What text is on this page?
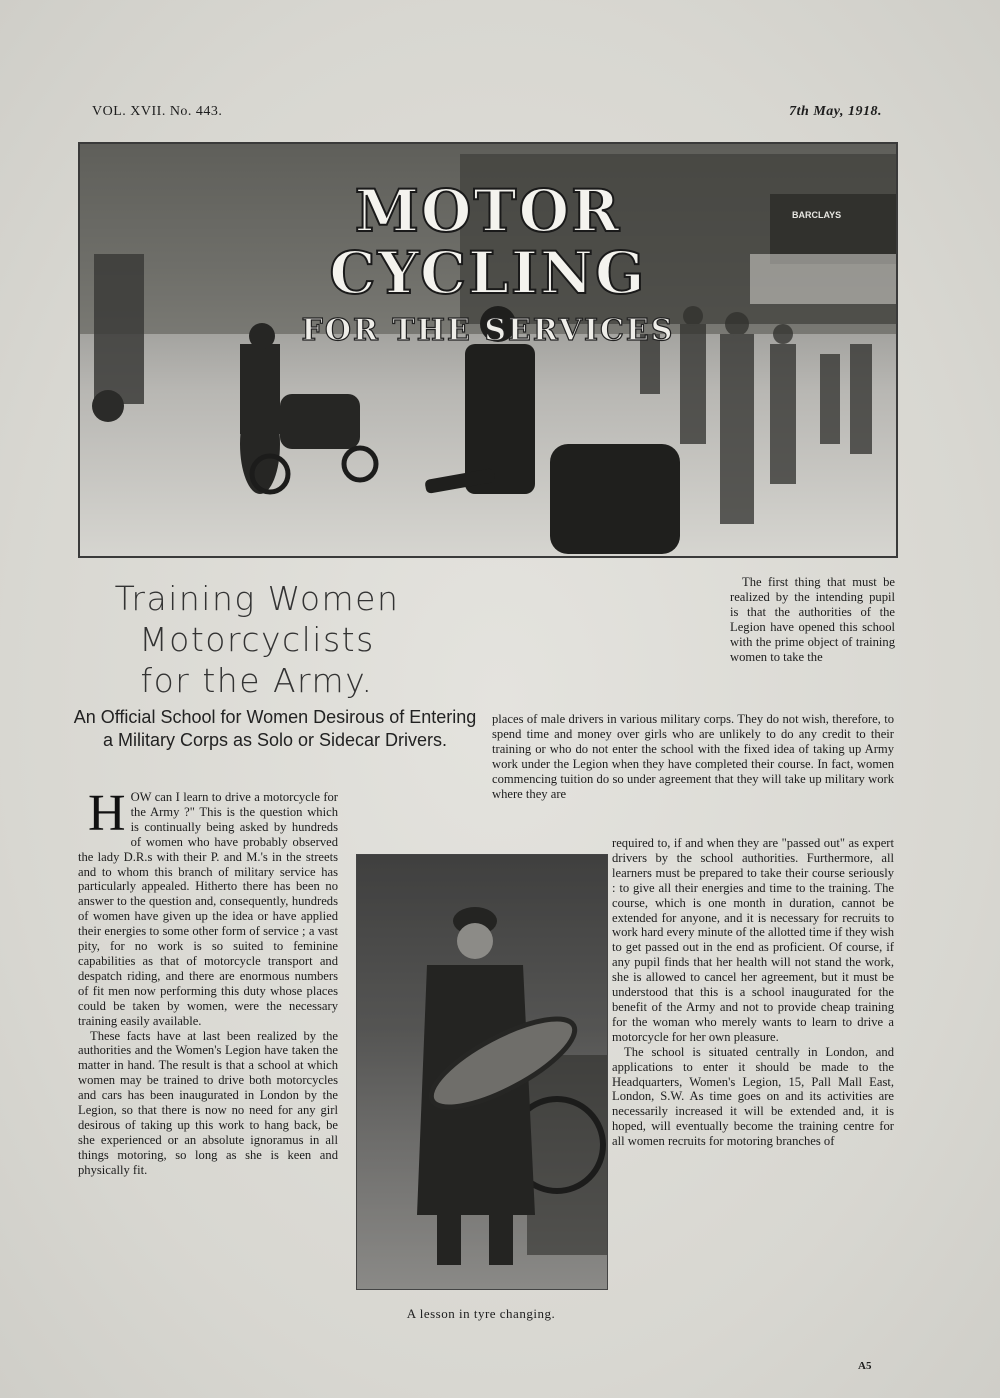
VOL. XVII. No. 443.	7th May, 1918.
BARCLAYS
MOTOR CYCLING
FOR THE SERVICES
Training Women
Motorcyclists
for the Army.
An Official School for Women Desirous of Entering a Military Corps as Solo or Sidecar Drivers.

HOW can I learn to drive a motorcycle for the Army ?" This is the question which is continually being asked by hundreds of women who have probably observed the lady D.R.s with their P. and M.'s in the streets and to whom this branch of military service has particularly appealed. Hitherto there has been no answer to the question and, consequently, hundreds of women have given up the idea or have applied their energies to some other form of service ; a vast pity, for no work is so suited to feminine capabilities as that of motorcycle transport and despatch riding, and there are enormous numbers of fit men now performing this duty whose places could be taken by women, were the necessary training easily available.

These facts have at last been realized by the authorities and the Women's Legion have taken the matter in hand. The result is that a school at which women may be trained to drive both motorcycles and cars has been inaugurated in London by the Legion, so that there is now no need for any girl desirous of taking up this work to hang back, be she experienced or an absolute ignoramus in all things motoring, so long as she is keen and physically fit.

The first thing that must be realized by the intending pupil is that the authorities of the Legion have opened this school with the prime object of training women to take the

places of male drivers in various military corps. They do not wish, therefore, to spend time and money over girls who are unlikely to do any credit to their training or who do not enter the school with the fixed idea of taking up Army work under the Legion when they have completed their course. In fact, women commencing tuition do so under agreement that they will take up military work where they are

A lesson in tyre changing.

required to, if and when they are "passed out" as expert drivers by the school authorities. Furthermore, all learners must be prepared to take their course seriously : to give all their energies and time to the training. The course, which is one month in duration, cannot be extended for anyone, and it is necessary for recruits to work hard every minute of the allotted time if they wish to get passed out in the end as proficient. Of course, if any pupil finds that her health will not stand the work, she is allowed to cancel her agreement, but it must be understood that this is a school inaugurated for the benefit of the Army and not to provide cheap training for the woman who merely wants to learn to drive a motorcycle for her own pleasure.

The school is situated centrally in London, and applications to enter it should be made to the Headquarters, Women's Legion, 15, Pall Mall East, London, S.W. As time goes on and its activities are necessarily increased it will be extended and, it is hoped, will eventually become the training centre for all women recruits for motoring branches of

A5
